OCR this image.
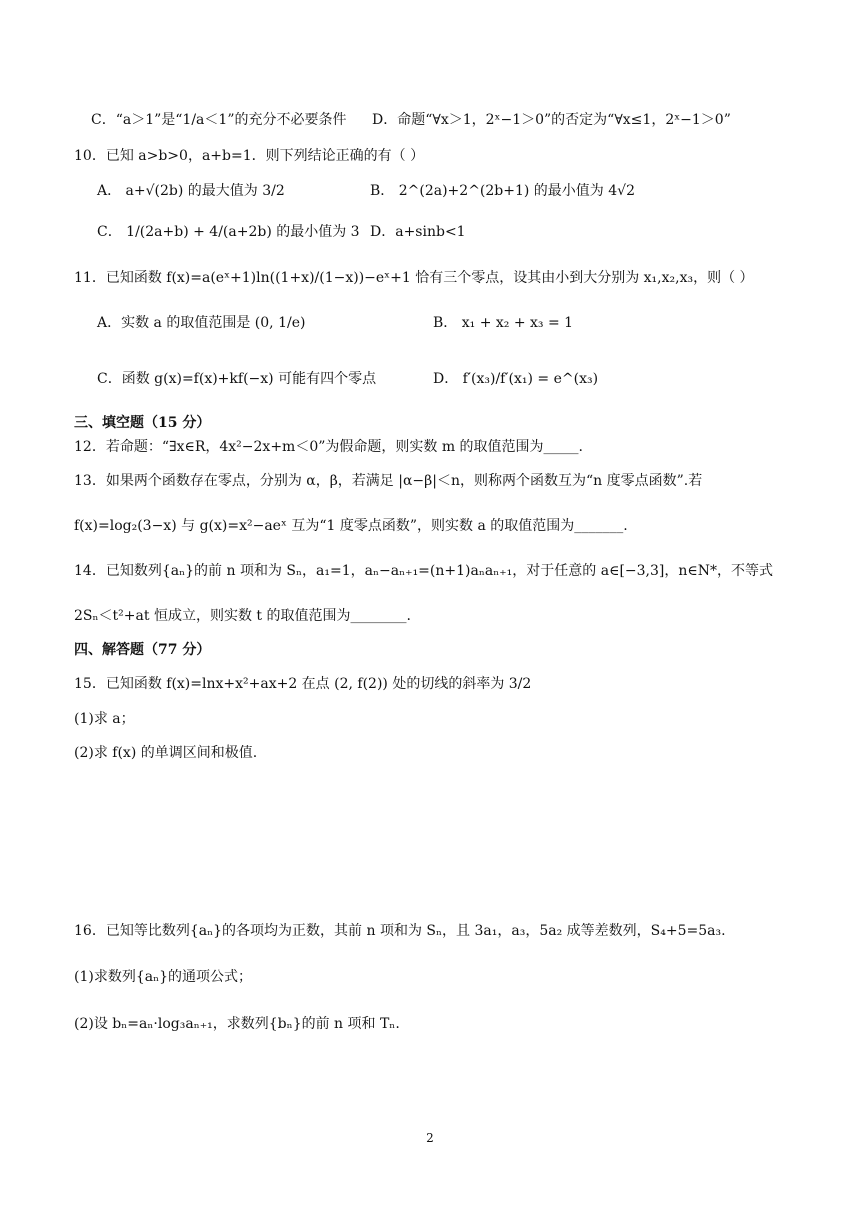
C．“a＞1”是“1/a＜1”的充分不必要条件 D．命题“∀x＞1，2ˣ−1＞0”的否定为“∀x≤1，2ˣ−1＞0”
10．已知 a>b>0，a+b=1．则下列结论正确的有（ ）
A． a+√(2b) 的最大值为 3/2	B． 2^(2a)+2^(2b+1) 的最小值为 4√2
C． 1/(2a+b) + 4/(a+2b) 的最小值为 3 D．a+sinb<1
11．已知函数 f(x)=a(eˣ+1)ln((1+x)/(1−x))−eˣ+1 恰有三个零点，设其由小到大分别为 x₁,x₂,x₃，则（ ）
A．实数 a 的取值范围是 (0, 1/e)	B． x₁ + x₂ + x₃ = 1
C．函数 g(x)=f(x)+kf(−x) 可能有四个零点	D． f′(x₃)/f′(x₁) = e^(x₃)
三、填空题（15 分）
12．若命题：“∃x∈R，4x²−2x+m＜0”为假命题，则实数 m 的取值范围为_____.
13．如果两个函数存在零点，分别为 α，β，若满足 |α−β|＜n，则称两个函数互为“n 度零点函数”.若
f(x)=log₂(3−x) 与 g(x)=x²−aeˣ 互为“1 度零点函数”，则实数 a 的取值范围为_______.
14．已知数列{aₙ}的前 n 项和为 Sₙ，a₁=1，aₙ−aₙ₊₁=(n+1)aₙaₙ₊₁，对于任意的 a∈[−3,3]，n∈N*，不等式
2Sₙ＜t²+at 恒成立，则实数 t 的取值范围为________.
四、解答题（77 分）
15．已知函数 f(x)=lnx+x²+ax+2 在点 (2, f(2)) 处的切线的斜率为 3/2
(1)求 a；
(2)求 f(x) 的单调区间和极值.
16．已知等比数列{aₙ}的各项均为正数，其前 n 项和为 Sₙ，且 3a₁，a₃，5a₂ 成等差数列，S₄+5=5a₃.
(1)求数列{aₙ}的通项公式；
(2)设 bₙ=aₙ·log₃aₙ₊₁，求数列{bₙ}的前 n 项和 Tₙ.
2
